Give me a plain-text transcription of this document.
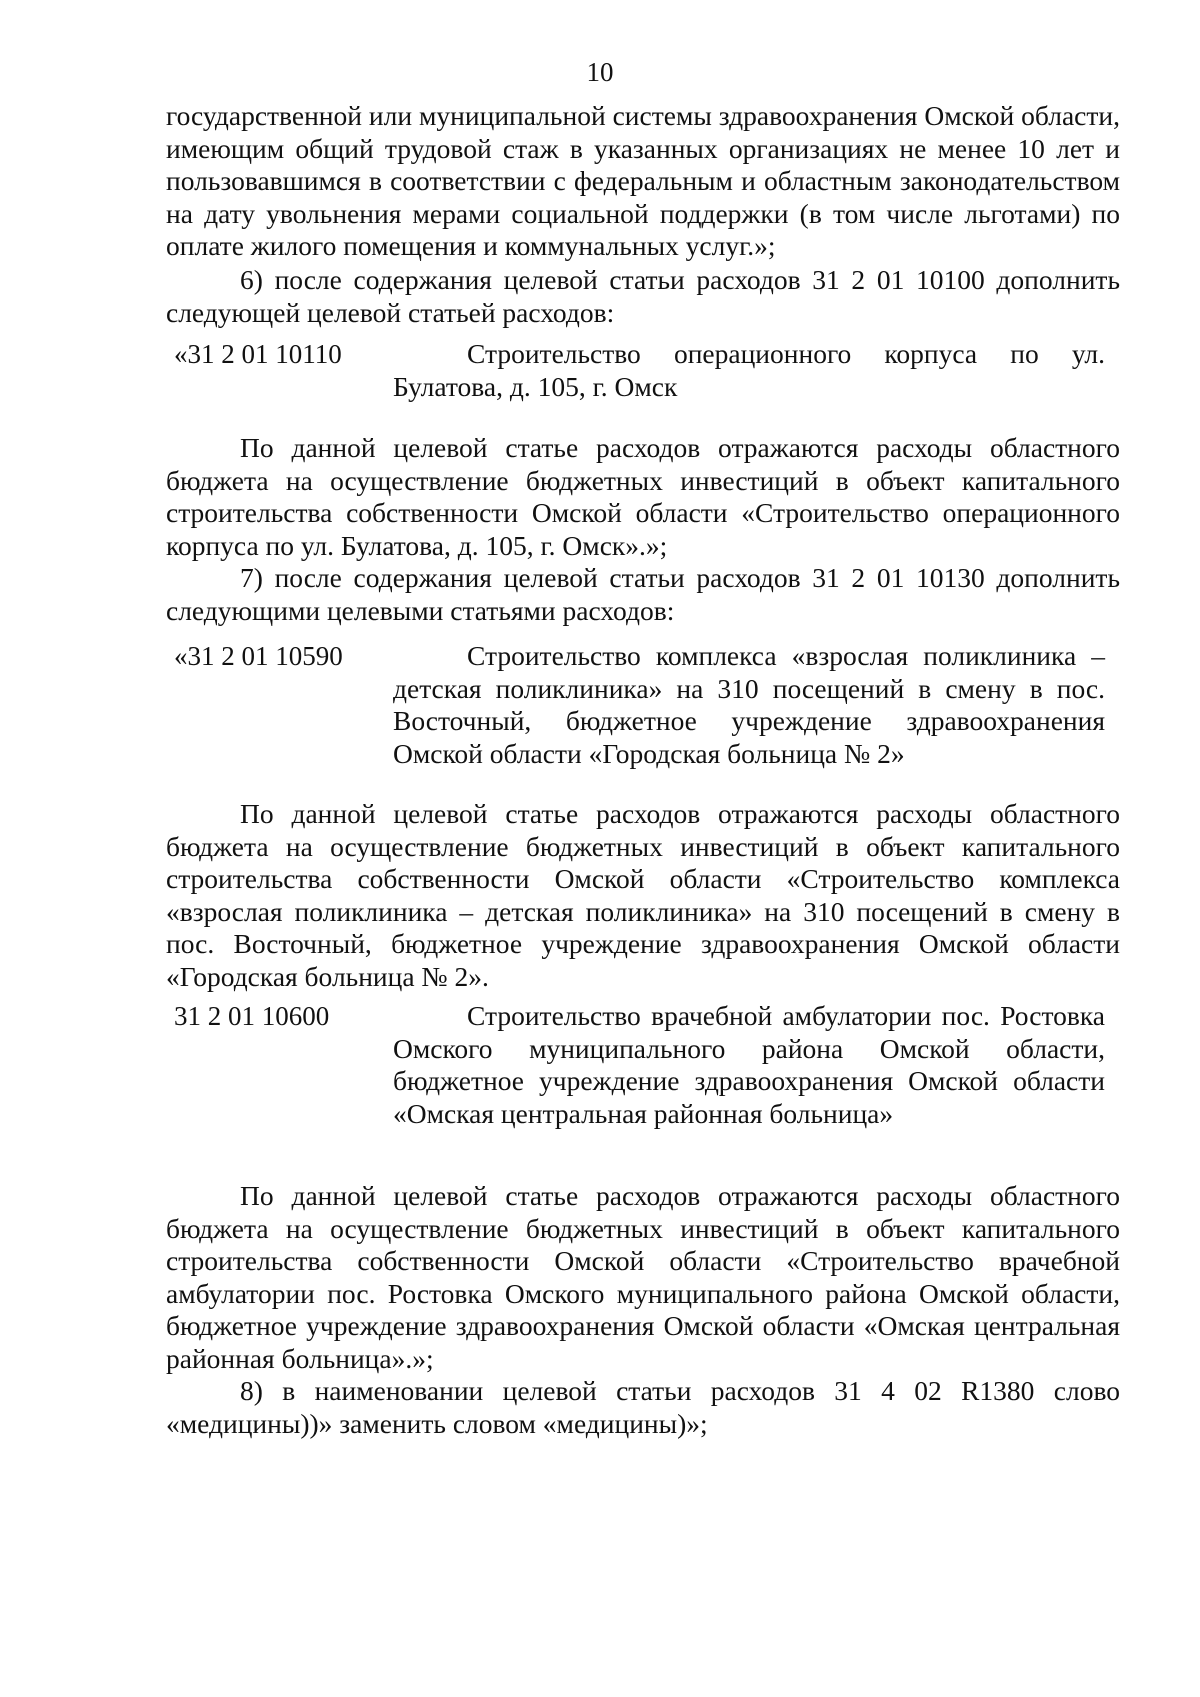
10

государственной или муниципальной системы здравоохранения Омской области, имеющим общий трудовой стаж в указанных организациях не менее 10 лет и пользовавшимся в соответствии с федеральным и областным законодательством на дату увольнения мерами социальной поддержки (в том числе льготами) по оплате жилого помещения и коммунальных услуг.»;

6) после содержания целевой статьи расходов 31 2 01 10100 дополнить следующей целевой статьей расходов:

«31 2 01 10110	Строительство операционного корпуса по ул. Булатова, д. 105, г. Омск

По данной целевой статье расходов отражаются расходы областного бюджета на осуществление бюджетных инвестиций в объект капитального строительства собственности Омской области «Строительство операционного корпуса по ул. Булатова, д. 105, г. Омск».»;

7) после содержания целевой статьи расходов 31 2 01 10130 дополнить следующими целевыми статьями расходов:

«31 2 01 10590	Строительство комплекса «взрослая поликлиника – детская поликлиника» на 310 посещений в смену в пос. Восточный, бюджетное учреждение здравоохранения Омской области «Городская больница № 2»

По данной целевой статье расходов отражаются расходы областного бюджета на осуществление бюджетных инвестиций в объект капитального строительства собственности Омской области «Строительство комплекса «взрослая поликлиника – детская поликлиника» на 310 посещений в смену в пос. Восточный, бюджетное учреждение здравоохранения Омской области «Городская больница № 2».

31 2 01 10600	Строительство врачебной амбулатории пос. Ростовка Омского муниципального района Омской области, бюджетное учреждение здравоохранения Омской области «Омская центральная районная больница»

По данной целевой статье расходов отражаются расходы областного бюджета на осуществление бюджетных инвестиций в объект капитального строительства собственности Омской области «Строительство врачебной амбулатории пос. Ростовка Омского муниципального района Омской области, бюджетное учреждение здравоохранения Омской области «Омская центральная районная больница».»;

8) в наименовании целевой статьи расходов 31 4 02 R1380 слово «медицины))» заменить словом «медицины)»;
